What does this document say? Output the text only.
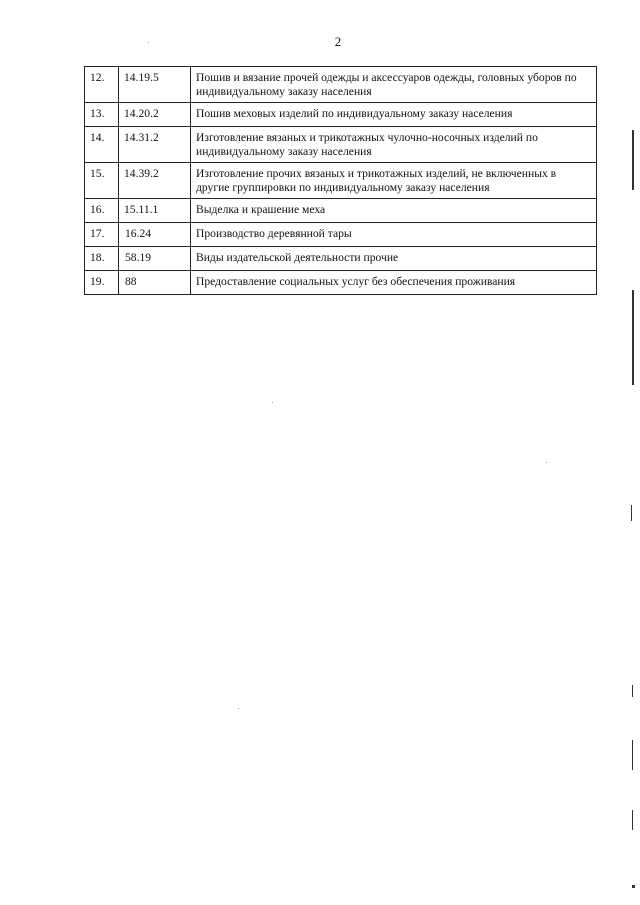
2
12.	14.19.5	Пошив и вязание прочей одежды и аксессуаров одежды, головных уборов по индивидуальному заказу населения
13.	14.20.2	Пошив меховых изделий по индивидуальному заказу населения
14.	14.31.2	Изготовление вязаных и трикотажных чулочно-носочных изделий по индивидуальному заказу населения
15.	14.39.2	Изготовление прочих вязаных и трикотажных изделий, не включенных в другие группировки по индивидуальному заказу населения
16.	15.11.1	Выделка и крашение меха
17.	16.24	Производство деревянной тары
18.	58.19	Виды издательской деятельности прочие
19.	88	Предоставление социальных услуг без обеспечения проживания
